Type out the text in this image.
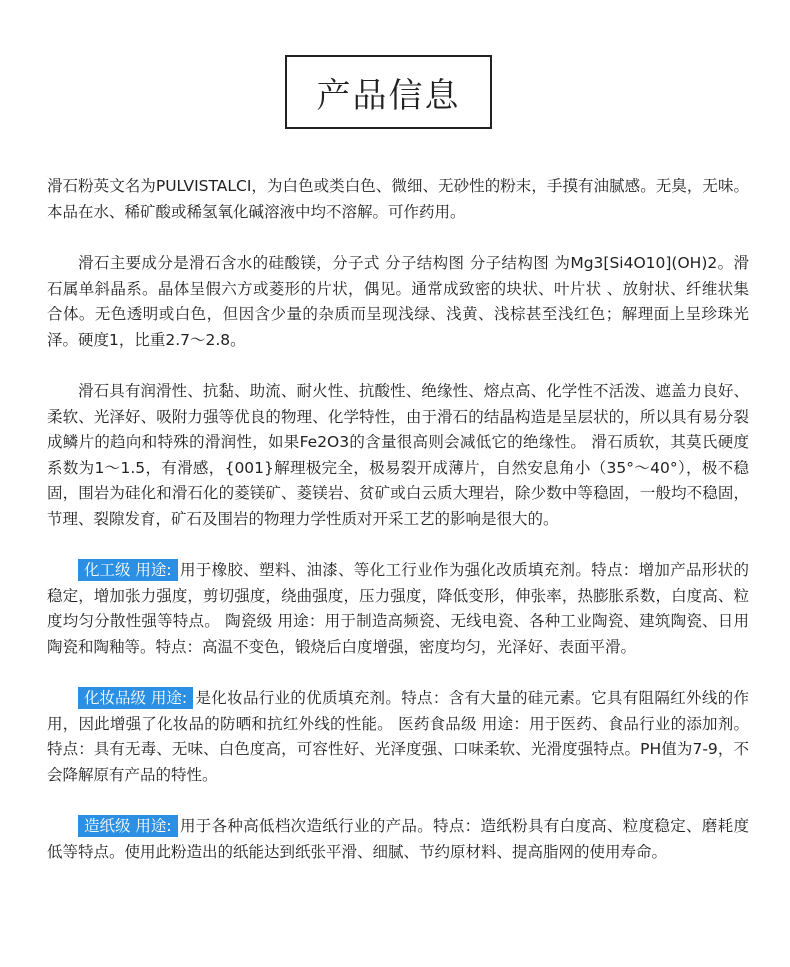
产品信息

滑石粉英文名为PULVISTALCI，为白色或类白色、微细、无砂性的粉末，手摸有油腻感。无臭，无味。本品在水、稀矿酸或稀氢氧化碱溶液中均不溶解。可作药用。

滑石主要成分是滑石含水的硅酸镁，分子式 分子结构图 分子结构图 为Mg3[Si4O10](OH)2。滑石属单斜晶系。晶体呈假六方或菱形的片状，偶见。通常成致密的块状、叶片状 、放射状、纤维状集合体。无色透明或白色，但因含少量的杂质而呈现浅绿、浅黄、浅棕甚至浅红色；解理面上呈珍珠光泽。硬度1，比重2.7～2.8。

滑石具有润滑性、抗黏、助流、耐火性、抗酸性、绝缘性、熔点高、化学性不活泼、遮盖力良好、柔软、光泽好、吸附力强等优良的物理、化学特性，由于滑石的结晶构造是呈层状的，所以具有易分裂成鳞片的趋向和特殊的滑润性，如果Fe2O3的含量很高则会减低它的绝缘性。 滑石质软，其莫氏硬度系数为1～1.5，有滑感，{001}解理极完全，极易裂开成薄片，自然安息角小（35°～40°），极不稳固，围岩为硅化和滑石化的菱镁矿、菱镁岩、贫矿或白云质大理岩，除少数中等稳固，一般均不稳固，节理、裂隙发育，矿石及围岩的物理力学性质对开采工艺的影响是很大的。

化工级 用途: 用于橡胶、塑料、油漆、等化工行业作为强化改质填充剂。特点：增加产品形状的稳定，增加张力强度，剪切强度，绕曲强度，压力强度，降低变形，伸张率，热膨胀系数，白度高、粒度均匀分散性强等特点。 陶瓷级 用途：用于制造高频瓷、无线电瓷、各种工业陶瓷、建筑陶瓷、日用陶瓷和陶釉等。特点：高温不变色，锻烧后白度增强，密度均匀，光泽好、表面平滑。

化妆品级 用途: 是化妆品行业的优质填充剂。特点：含有大量的硅元素。它具有阻隔红外线的作用，因此增强了化妆品的防晒和抗红外线的性能。 医药食品级 用途：用于医药、食品行业的添加剂。特点：具有无毒、无味、白色度高，可容性好、光泽度强、口味柔软、光滑度强特点。PH值为7-9，不会降解原有产品的特性。

造纸级 用途: 用于各种高低档次造纸行业的产品。特点：造纸粉具有白度高、粒度稳定、磨耗度低等特点。使用此粉造出的纸能达到纸张平滑、细腻、节约原材料、提高脂网的使用寿命。
